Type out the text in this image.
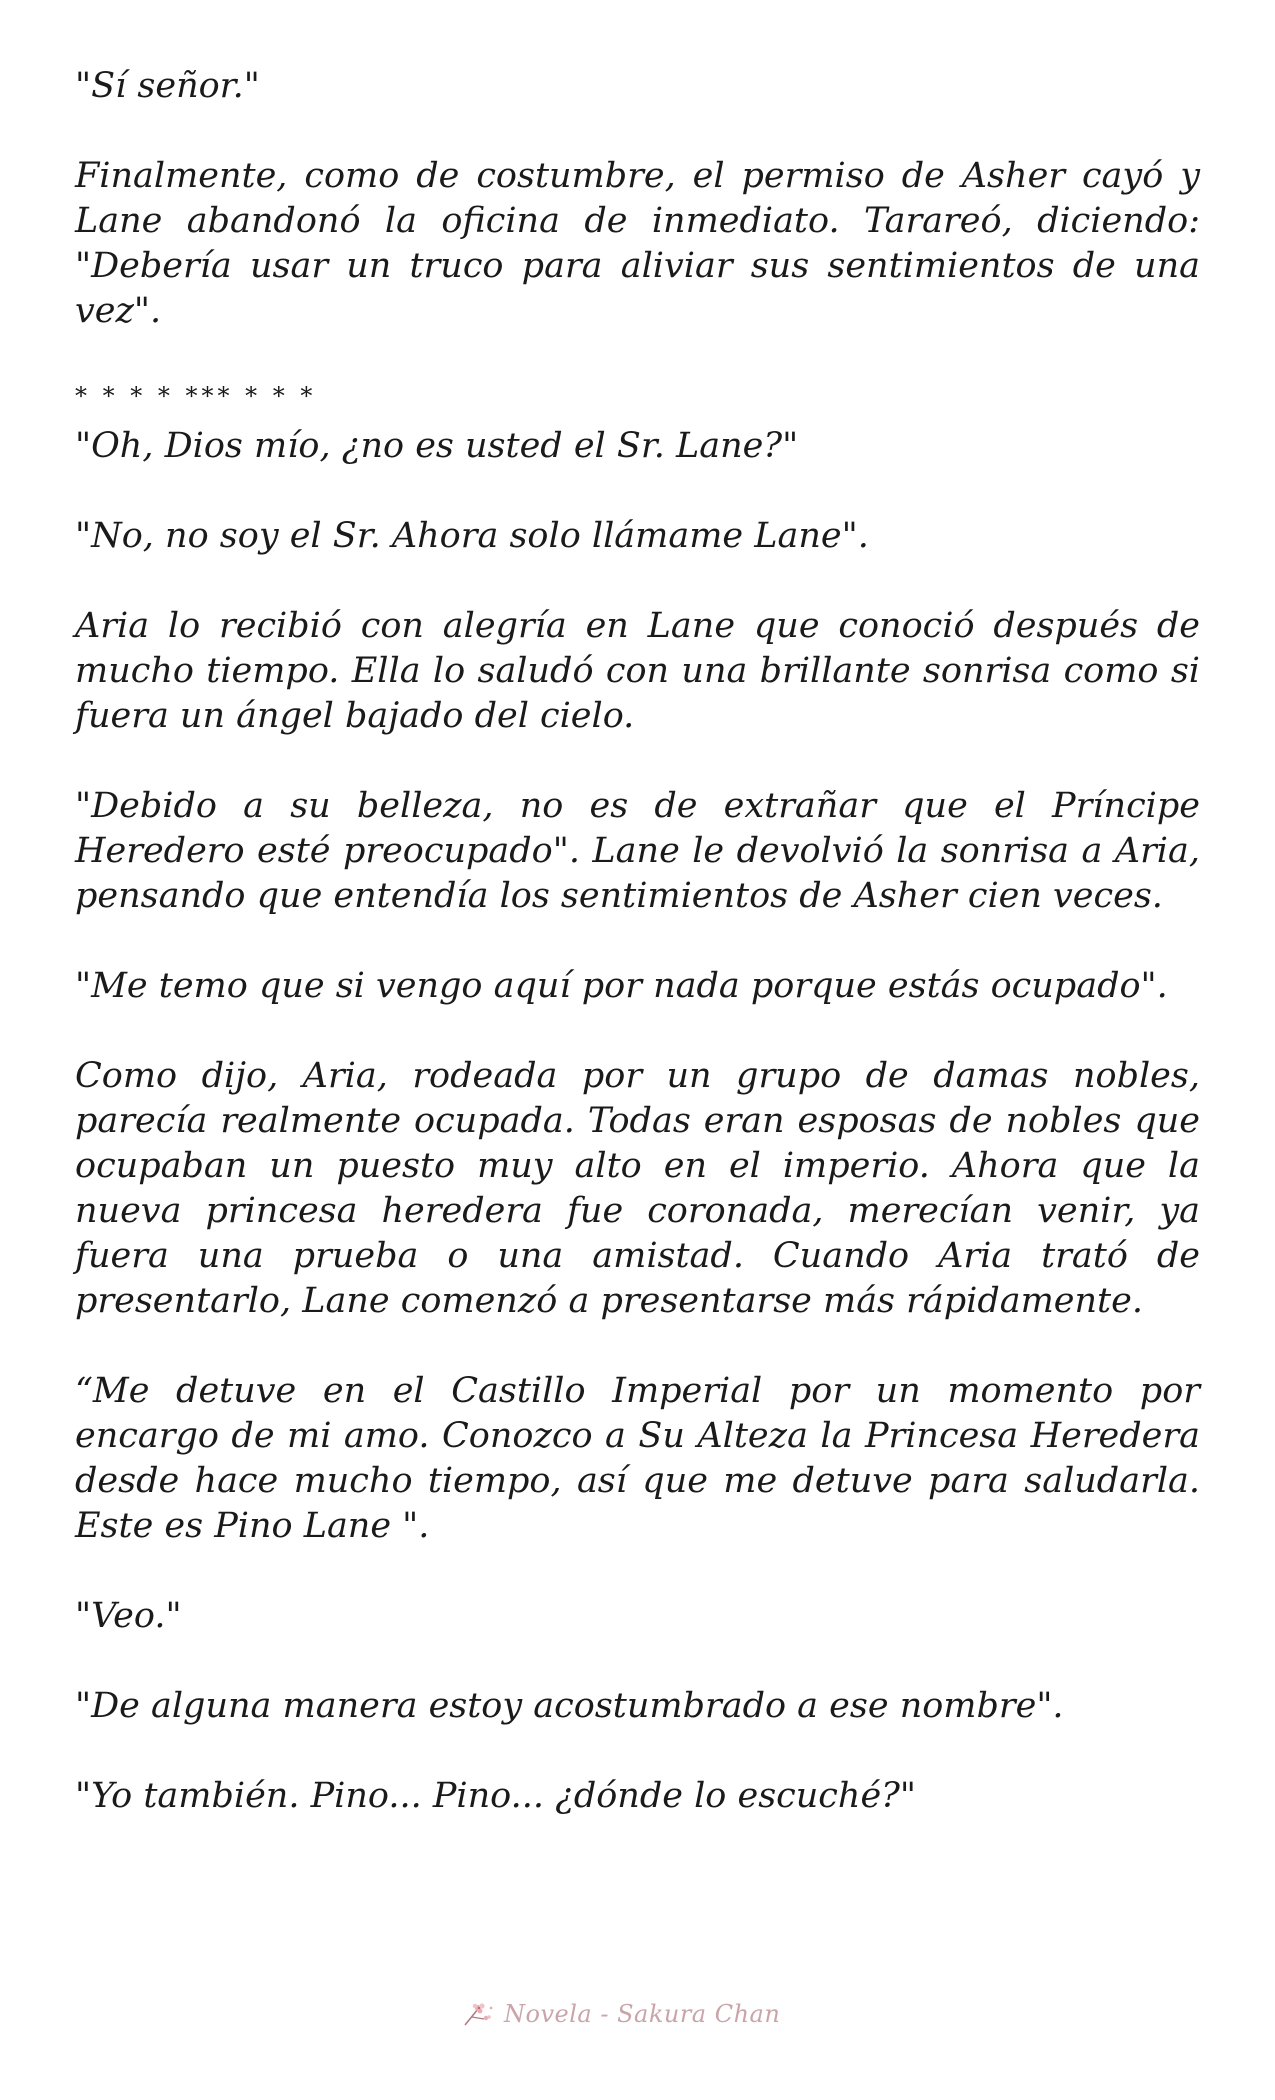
"Sí señor."

Finalmente, como de costumbre, el permiso de Asher cayó y Lane abandonó la oficina de inmediato. Tarareó, diciendo: "Debería usar un truco para aliviar sus sentimientos de una vez".

* * * * *** * * *

"Oh, Dios mío, ¿no es usted el Sr. Lane?"

"No, no soy el Sr. Ahora solo llámame Lane".

Aria lo recibió con alegría en Lane que conoció después de mucho tiempo. Ella lo saludó con una brillante sonrisa como si fuera un ángel bajado del cielo.

"Debido a su belleza, no es de extrañar que el Príncipe Heredero esté preocupado". Lane le devolvió la sonrisa a Aria, pensando que entendía los sentimientos de Asher cien veces.

"Me temo que si vengo aquí por nada porque estás ocupado".

Como dijo, Aria, rodeada por un grupo de damas nobles, parecía realmente ocupada. Todas eran esposas de nobles que ocupaban un puesto muy alto en el imperio. Ahora que la nueva princesa heredera fue coronada, merecían venir, ya fuera una prueba o una amistad. Cuando Aria trató de presentarlo, Lane comenzó a presentarse más rápidamente.

“Me detuve en el Castillo Imperial por un momento por encargo de mi amo. Conozco a Su Alteza la Princesa Heredera desde hace mucho tiempo, así que me detuve para saludarla. Este es Pino Lane ".

"Veo."

"De alguna manera estoy acostumbrado a ese nombre".

"Yo también. Pino... Pino... ¿dónde lo escuché?"

Novela - Sakura Chan
